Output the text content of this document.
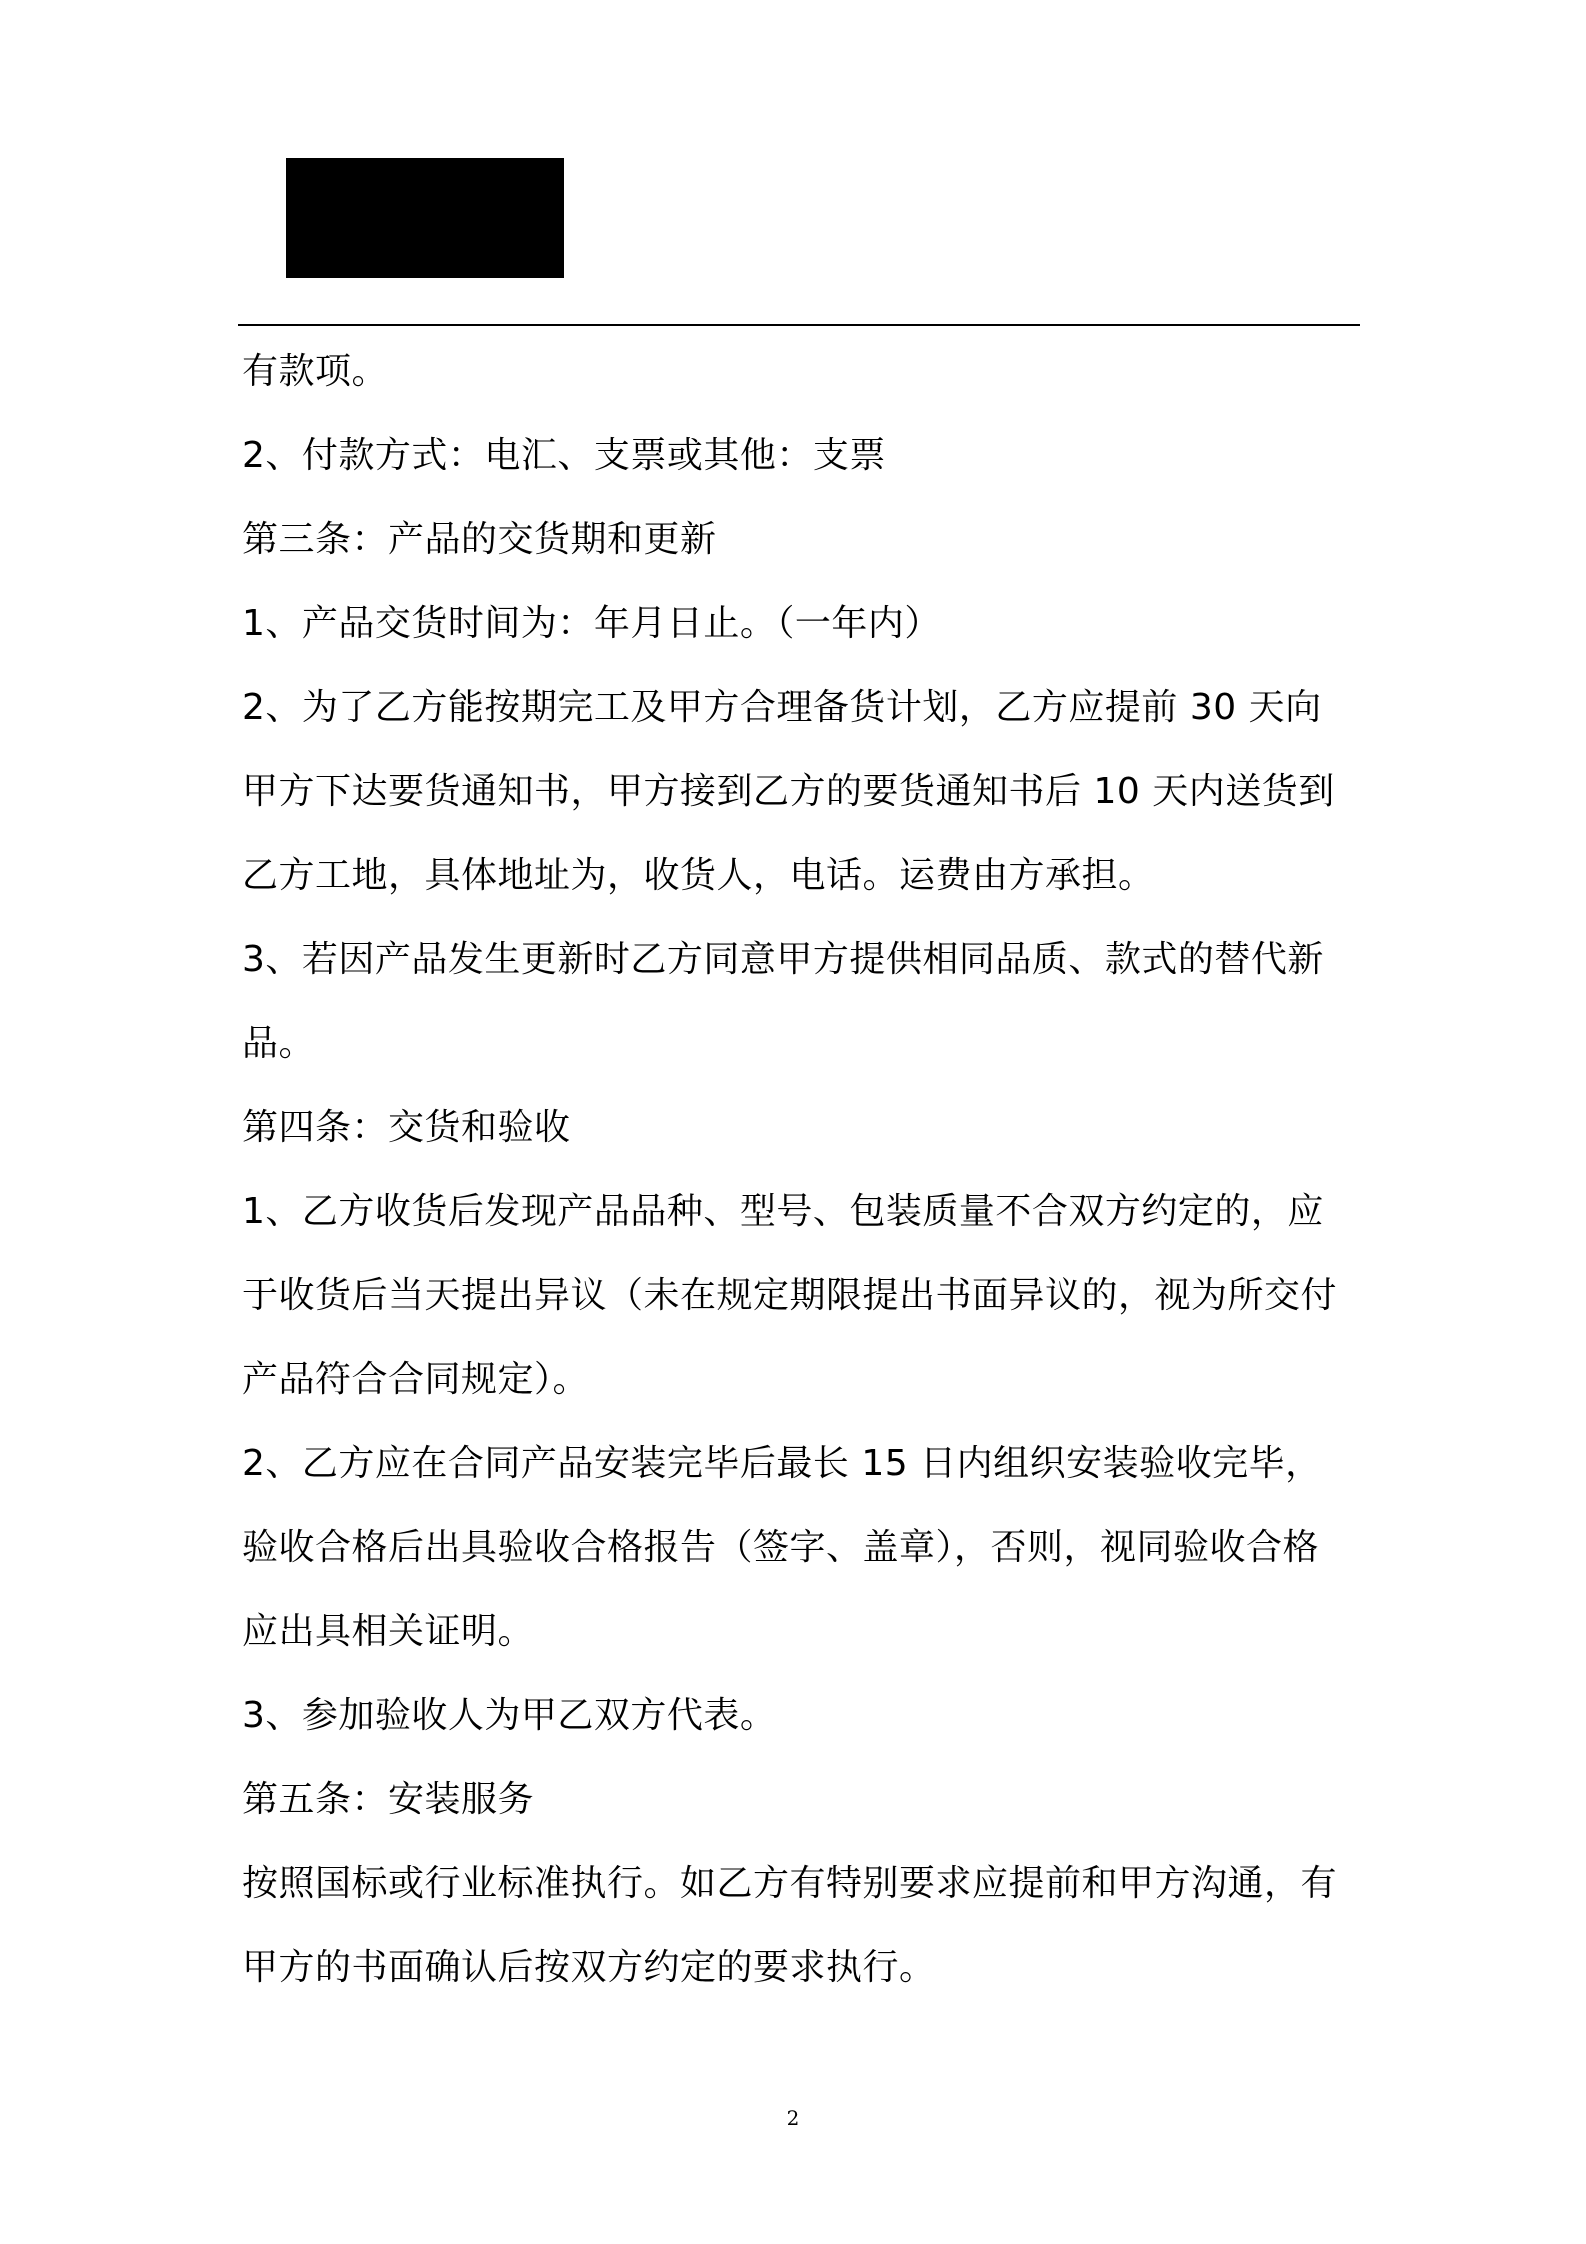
有款项。
2、付款方式：电汇、支票或其他：支票
第三条：产品的交货期和更新
1、产品交货时间为：年月日止。（一年内）
2、为了乙方能按期完工及甲方合理备货计划，乙方应提前 30 天向
甲方下达要货通知书，甲方接到乙方的要货通知书后 10 天内送货到
乙方工地，具体地址为，收货人，电话。运费由方承担。
3、若因产品发生更新时乙方同意甲方提供相同品质、款式的替代新
品。
第四条：交货和验收
1、乙方收货后发现产品品种、型号、包装质量不合双方约定的，应
于收货后当天提出异议（未在规定期限提出书面异议的，视为所交付
产品符合合同规定）。
2、乙方应在合同产品安装完毕后最长 15 日内组织安装验收完毕，
验收合格后出具验收合格报告（签字、盖章），否则，视同验收合格
应出具相关证明。
3、参加验收人为甲乙双方代表。
第五条：安装服务
按照国标或行业标准执行。如乙方有特别要求应提前和甲方沟通，有
甲方的书面确认后按双方约定的要求执行。
2
